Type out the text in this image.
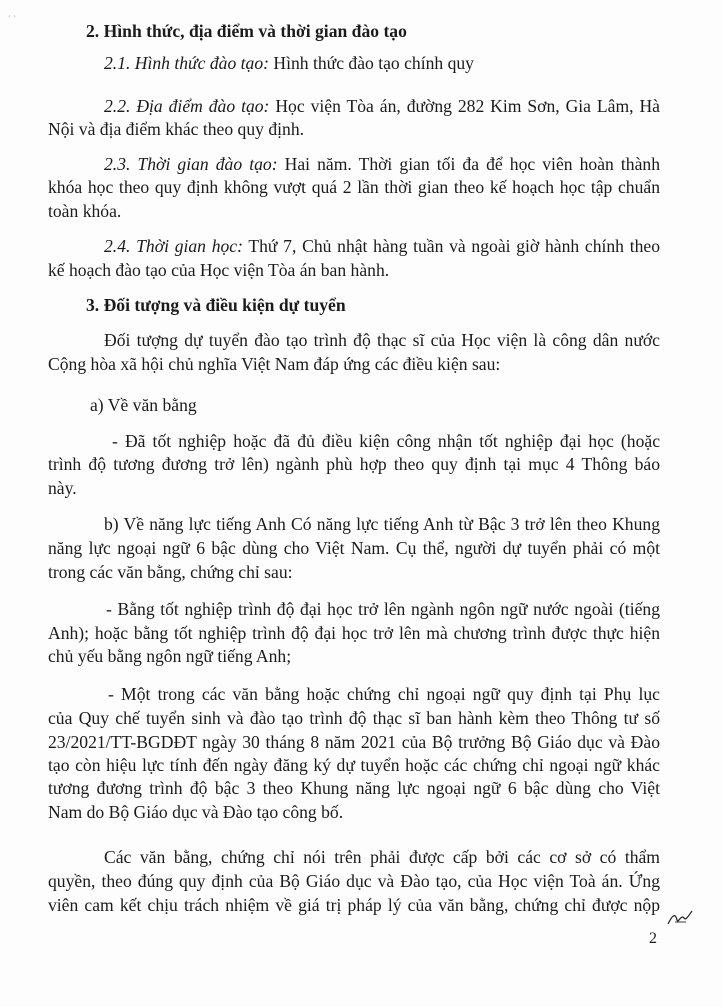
ˊ ˋ
2. Hình thức, địa điểm và thời gian đào tạo
2.1. Hình thức đào tạo: Hình thức đào tạo chính quy
2.2. Địa điểm đào tạo: Học viện Tòa án, đường 282 Kim Sơn, Gia Lâm, Hà
Nội và địa điểm khác theo quy định.
2.3. Thời gian đào tạo: Hai năm. Thời gian tối đa để học viên hoàn thành
khóa học theo quy định không vượt quá 2 lần thời gian theo kế hoạch học tập chuẩn
toàn khóa.
2.4. Thời gian học: Thứ 7, Chủ nhật hàng tuần và ngoài giờ hành chính theo
kế hoạch đào tạo của Học viện Tòa án ban hành.
3. Đối tượng và điều kiện dự tuyển
Đối tượng dự tuyển đào tạo trình độ thạc sĩ của Học viện là công dân nước
Cộng hòa xã hội chủ nghĩa Việt Nam đáp ứng các điều kiện sau:
a) Về văn bằng
- Đã tốt nghiệp hoặc đã đủ điều kiện công nhận tốt nghiệp đại học (hoặc
trình độ tương đương trở lên) ngành phù hợp theo quy định tại mục 4 Thông báo
này.
b) Về năng lực tiếng Anh Có năng lực tiếng Anh từ Bậc 3 trở lên theo Khung
năng lực ngoại ngữ 6 bậc dùng cho Việt Nam. Cụ thể, người dự tuyển phải có một
trong các văn bằng, chứng chỉ sau:
- Bằng tốt nghiệp trình độ đại học trở lên ngành ngôn ngữ nước ngoài (tiếng
Anh); hoặc bằng tốt nghiệp trình độ đại học trở lên mà chương trình được thực hiện
chủ yếu bằng ngôn ngữ tiếng Anh;
- Một trong các văn bằng hoặc chứng chỉ ngoại ngữ quy định tại Phụ lục
của Quy chế tuyển sinh và đào tạo trình độ thạc sĩ ban hành kèm theo Thông tư số
23/2021/TT-BGDĐT ngày 30 tháng 8 năm 2021 của Bộ trưởng Bộ Giáo dục và Đào
tạo còn hiệu lực tính đến ngày đăng ký dự tuyển hoặc các chứng chỉ ngoại ngữ khác
tương đương trình độ bậc 3 theo Khung năng lực ngoại ngữ 6 bậc dùng cho Việt
Nam do Bộ Giáo dục và Đào tạo công bố.
Các văn bằng, chứng chỉ nói trên phải được cấp bởi các cơ sở có thẩm
quyền, theo đúng quy định của Bộ Giáo dục và Đào tạo, của Học viện Toà án. Ứng
viên cam kết chịu trách nhiệm về giá trị pháp lý của văn bằng, chứng chỉ được nộp
2
